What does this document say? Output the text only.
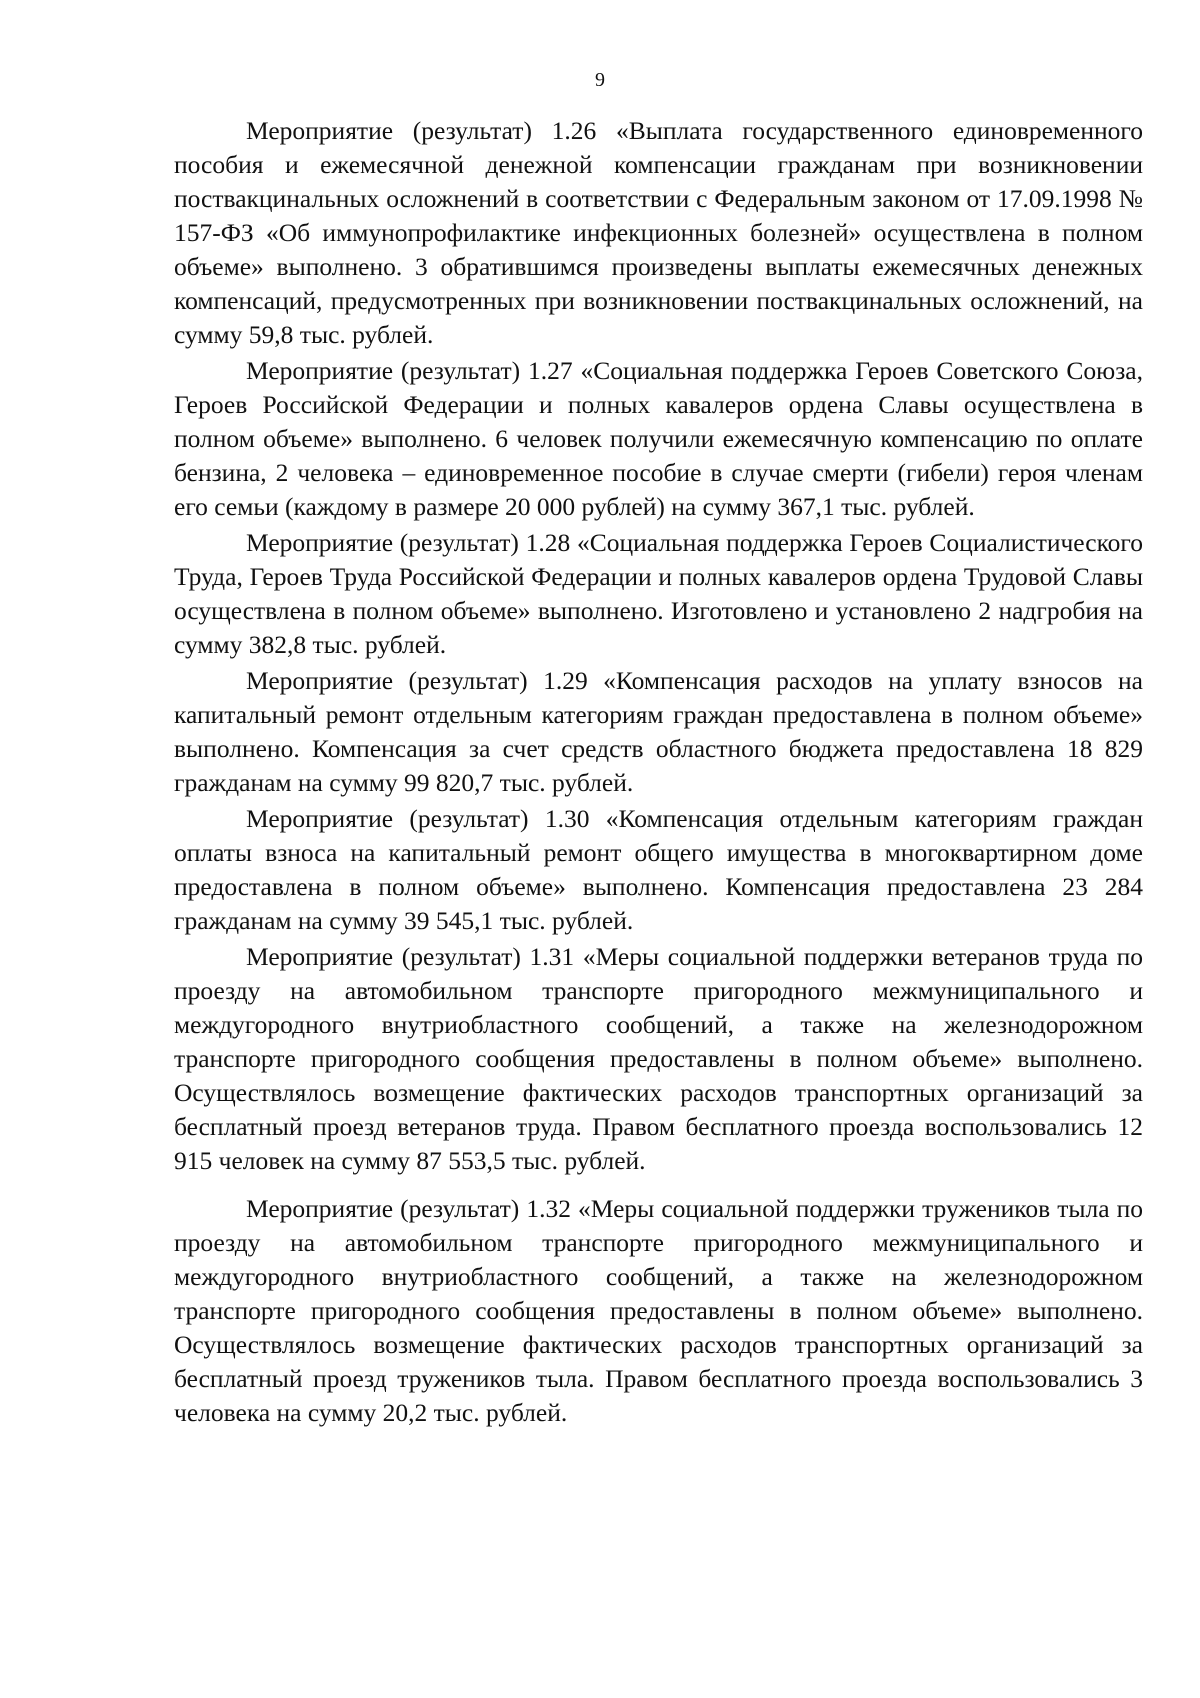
9

Мероприятие (результат) 1.26 «Выплата государственного единовременного пособия и ежемесячной денежной компенсации гражданам при возникновении поствакцинальных осложнений в соответствии с Федеральным законом от 17.09.1998 № 157-ФЗ «Об иммунопрофилактике инфекционных болезней» осуществлена в полном объеме» выполнено. 3 обратившимся произведены выплаты ежемесячных денежных компенсаций, предусмотренных при возникновении поствакцинальных осложнений, на сумму 59,8 тыс. рублей.

Мероприятие (результат) 1.27 «Социальная поддержка Героев Советского Союза, Героев Российской Федерации и полных кавалеров ордена Славы осуществлена в полном объеме» выполнено. 6 человек получили ежемесячную компенсацию по оплате бензина, 2 человека – единовременное пособие в случае смерти (гибели) героя членам его семьи (каждому в размере 20 000 рублей) на сумму 367,1 тыс. рублей.

Мероприятие (результат) 1.28 «Социальная поддержка Героев Социалистического Труда, Героев Труда Российской Федерации и полных кавалеров ордена Трудовой Славы осуществлена в полном объеме» выполнено. Изготовлено и установлено 2 надгробия на сумму 382,8 тыс. рублей.

Мероприятие (результат) 1.29 «Компенсация расходов на уплату взносов на капитальный ремонт отдельным категориям граждан предоставлена в полном объеме» выполнено. Компенсация за счет средств областного бюджета предоставлена 18 829 гражданам на сумму 99 820,7 тыс. рублей.

Мероприятие (результат) 1.30 «Компенсация отдельным категориям граждан оплаты взноса на капитальный ремонт общего имущества в многоквартирном доме предоставлена в полном объеме» выполнено. Компенсация предоставлена 23 284 гражданам на сумму 39 545,1 тыс. рублей.

Мероприятие (результат) 1.31 «Меры социальной поддержки ветеранов труда по проезду на автомобильном транспорте пригородного межмуниципального и междугородного внутриобластного сообщений, а также на железнодорожном транспорте пригородного сообщения предоставлены в полном объеме» выполнено. Осуществлялось возмещение фактических расходов транспортных организаций за бесплатный проезд ветеранов труда. Правом бесплатного проезда воспользовались 12 915 человек на сумму 87 553,5 тыс. рублей.

Мероприятие (результат) 1.32 «Меры социальной поддержки тружеников тыла по проезду на автомобильном транспорте пригородного межмуниципального и междугородного внутриобластного сообщений, а также на железнодорожном транспорте пригородного сообщения предоставлены в полном объеме» выполнено. Осуществлялось возмещение фактических расходов транспортных организаций за бесплатный проезд тружеников тыла. Правом бесплатного проезда воспользовались 3 человека на сумму 20,2 тыс. рублей.
